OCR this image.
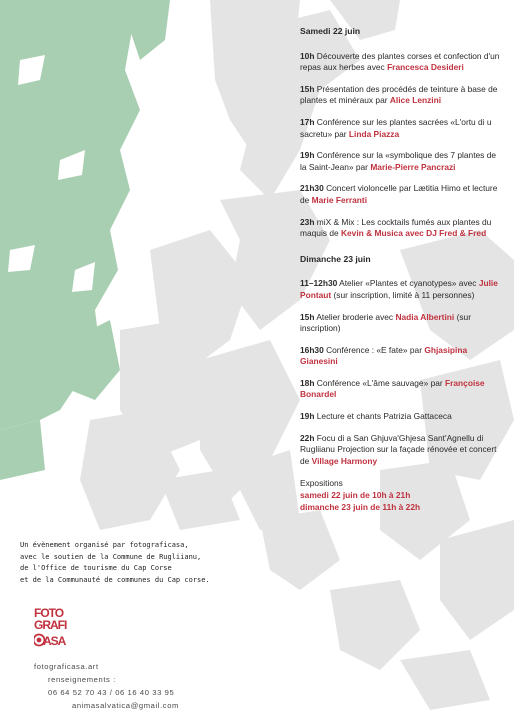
Samedi 22 juin
10h Découverte des plantes corses et confection d'un repas aux herbes avec Francesca Desideri
15h Présentation des procédés de teinture à base de plantes et minéraux par Alice Lenzini
17h Conférence sur les plantes sacrées «L'ortu di u sacretu» par Linda Piazza
19h Conférence sur la «symbolique des 7 plantes de la Saint-Jean» par Marie-Pierre Pancrazi
21h30 Concert violoncelle par Lætitia Himo et lecture de Marie Ferranti
23h miX & Mix : Les cocktails fumés aux plantes du maquis de Kevin & Musica avec DJ Fred & Fred
Dimanche 23 juin
11–12h30 Atelier «Plantes et cyanotypes» avec Julie Pontaut (sur inscription, limité à 11 personnes)
15h Atelier broderie avec Nadia Albertini (sur inscription)
16h30 Conférence : «E fate» par Ghjasipina Gianesini
18h Conférence «L'âme sauvage» par Françoise Bonardel
19h Lecture et chants Patrizia Gattaceca
22h Focu di a San Ghjuva'Ghjesa Sant'Agnellu di Rugliianu Projection sur la façade rénovée et concert de Village Harmony
Expositions
samedi 22 juin de 10h à 21h
dimanche 23 juin de 11h à 22h
Un évènement organisé par fotograficasa,
avec le soutien de la Commune de Rugliianu,
de l'Office de tourisme du Cap Corse
et de la Communauté de communes du Cap corse.
FOTO
GRAFI
ASA
fotograficasa.art
renseignements :
06 64 52 70 43 / 06 16 40 33 95
animasalvatica@gmail.com
